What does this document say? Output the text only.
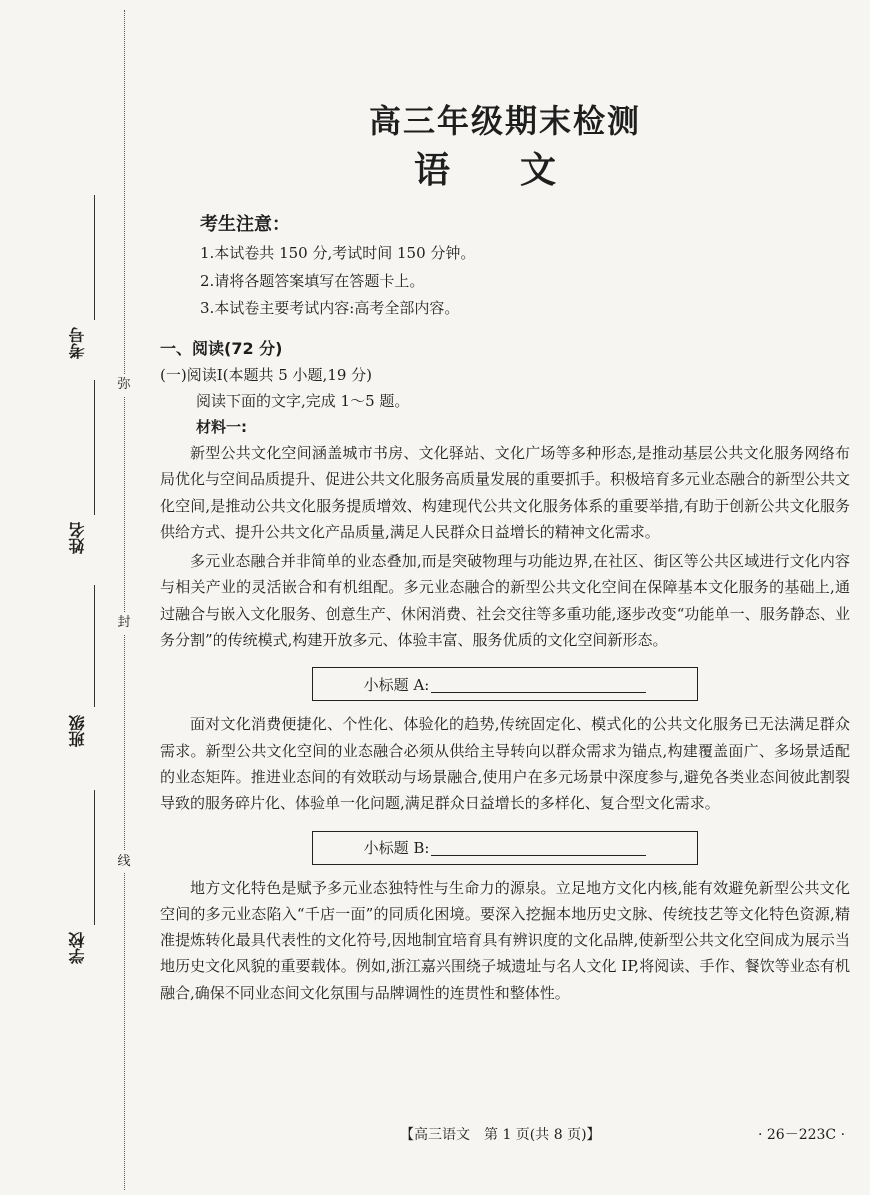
弥
封
线
考号
姓名
班级
学校
高三年级期末检测
语文
考生注意：
1.本试卷共 150 分,考试时间 150 分钟。
2.请将各题答案填写在答题卡上。
3.本试卷主要考试内容:高考全部内容。
一、阅读(72 分)
(一)阅读Ⅰ(本题共 5 小题,19 分)
阅读下面的文字,完成 1～5 题。
材料一:

新型公共文化空间涵盖城市书房、文化驿站、文化广场等多种形态,是推动基层公共文化服务网络布局优化与空间品质提升、促进公共文化服务高质量发展的重要抓手。积极培育多元业态融合的新型公共文化空间,是推动公共文化服务提质增效、构建现代公共文化服务体系的重要举措,有助于创新公共文化服务供给方式、提升公共文化产品质量,满足人民群众日益增长的精神文化需求。

多元业态融合并非简单的业态叠加,而是突破物理与功能边界,在社区、街区等公共区域进行文化内容与相关产业的灵活嵌合和有机组配。多元业态融合的新型公共文化空间在保障基本文化服务的基础上,通过融合与嵌入文化服务、创意生产、休闲消费、社会交往等多重功能,逐步改变“功能单一、服务静态、业务分割”的传统模式,构建开放多元、体验丰富、服务优质的文化空间新形态。

小标题 A:

面对文化消费便捷化、个性化、体验化的趋势,传统固定化、模式化的公共文化服务已无法满足群众需求。新型公共文化空间的业态融合必须从供给主导转向以群众需求为锚点,构建覆盖面广、多场景适配的业态矩阵。推进业态间的有效联动与场景融合,使用户在多元场景中深度参与,避免各类业态间彼此割裂导致的服务碎片化、体验单一化问题,满足群众日益增长的多样化、复合型文化需求。

小标题 B:

地方文化特色是赋予多元业态独特性与生命力的源泉。立足地方文化内核,能有效避免新型公共文化空间的多元业态陷入“千店一面”的同质化困境。要深入挖掘本地历史文脉、传统技艺等文化特色资源,精准提炼转化最具代表性的文化符号,因地制宜培育具有辨识度的文化品牌,使新型公共文化空间成为展示当地历史文化风貌的重要载体。例如,浙江嘉兴围绕子城遗址与名人文化 IP,将阅读、手作、餐饮等业态有机融合,确保不同业态间文化氛围与品牌调性的连贯性和整体性。

【高三语文　第 1 页(共 8 页)】	· 26－223C ·
